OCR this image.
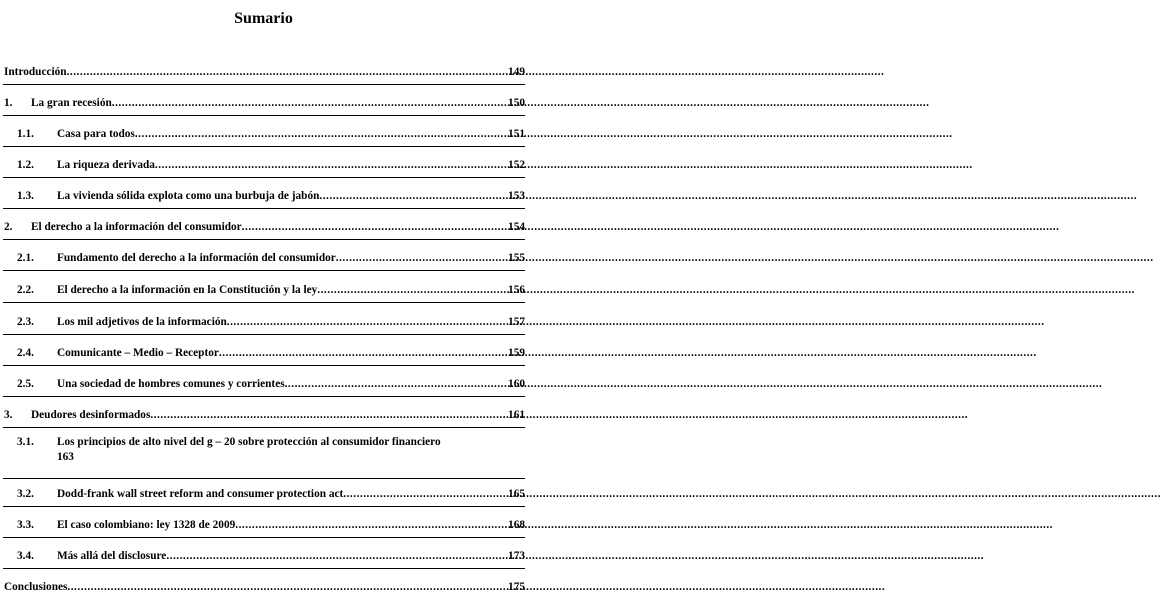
Sumario
Introducción .....	149
1.	La gran recesión .....	150
1.1.	Casa para todos .....	151
1.2.	La riqueza derivada .....	152
1.3.	La vivienda sólida explota como una burbuja de jabón .....	153
2.	El derecho a la información del consumidor .....	154
2.1.	Fundamento del derecho a la información del consumidor .....	155
2.2.	El derecho a la información en la Constitución y la ley .....	156
2.3.	Los mil adjetivos de la información .....	157
2.4.	Comunicante – Medio – Receptor .....	159
2.5.	Una sociedad de hombres comunes y corrientes .....	160
3.	Deudores desinformados .....	161
3.1. Los principios de alto nivel del g – 20 sobre protección al consumidor financiero
163
3.2.	Dodd-frank wall street reform and consumer protection act .....	165
3.3.	El caso colombiano: ley 1328 de 2009 .....	168
3.4.	Más allá del disclosure .....	173
Conclusiones .....	175
